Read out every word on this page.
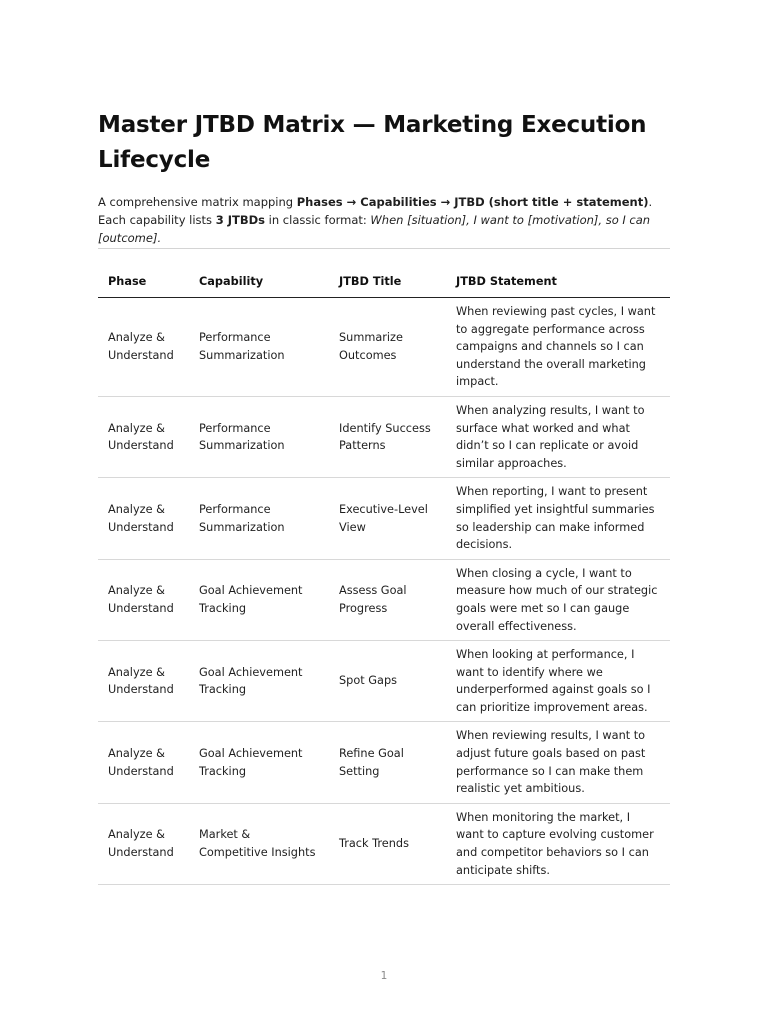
Master JTBD Matrix — Marketing Execution Lifecycle

A comprehensive matrix mapping Phases → Capabilities → JTBD (short title + statement). Each capability lists 3 JTBDs in classic format: When [situation], I want to [motivation], so I can [outcome].

Phase	Capability	JTBD Title	JTBD Statement
Analyze & Understand	Performance Summarization	Summarize Outcomes	When reviewing past cycles, I want to aggregate performance across campaigns and channels so I can understand the overall marketing impact.
Analyze & Understand	Performance Summarization	Identify Success Patterns	When analyzing results, I want to surface what worked and what didn’t so I can replicate or avoid similar approaches.
Analyze & Understand	Performance Summarization	Executive-Level View	When reporting, I want to present simplified yet insightful summaries so leadership can make informed decisions.
Analyze & Understand	Goal Achievement Tracking	Assess Goal Progress	When closing a cycle, I want to measure how much of our strategic goals were met so I can gauge overall effectiveness.
Analyze & Understand	Goal Achievement Tracking	Spot Gaps	When looking at performance, I want to identify where we underperformed against goals so I can prioritize improvement areas.
Analyze & Understand	Goal Achievement Tracking	Refine Goal Setting	When reviewing results, I want to adjust future goals based on past performance so I can make them realistic yet ambitious.
Analyze & Understand	Market & Competitive Insights	Track Trends	When monitoring the market, I want to capture evolving customer and competitor behaviors so I can anticipate shifts.
1
